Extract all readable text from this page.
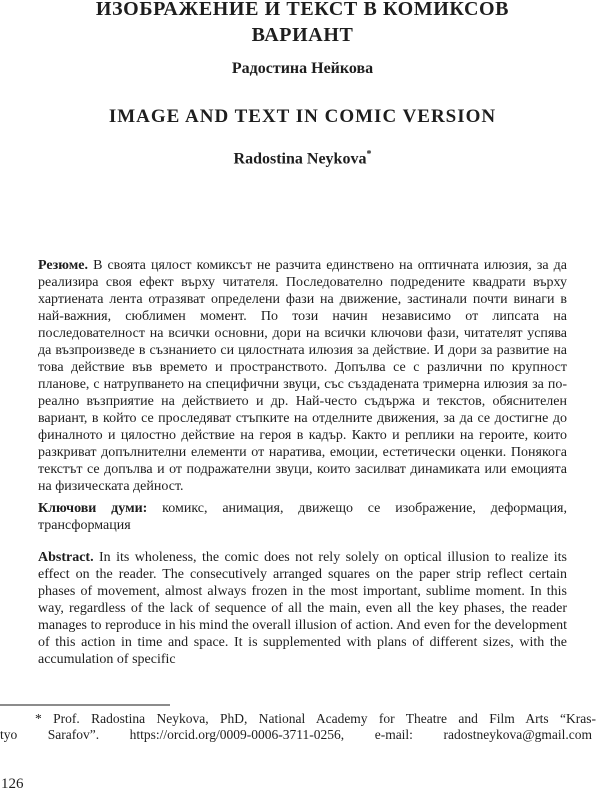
ИЗОБРАЖЕНИЕ И ТЕКСТ В КОМИКСОВ ВАРИАНТ
Радостина Нейкова
IMAGE AND TEXT IN COMIC VERSION
Radostina Neykova*

Резюме. В своята цялост комиксът не разчита единствено на оптичната илюзия, за да реализира своя ефект върху читателя. Последователно подредените квадрати върху хартиената лента отразяват определени фази на движение, застинали почти винаги в най-важния, сюблимен момент. По този начин независимо от липсата на последователност на всички основни, дори на всички ключови фази, читателят успява да възпроизведе в съзнанието си цялостната илюзия за действие. И дори за развитие на това действие във времето и пространството. Допълва се с различни по крупност планове, с натрупването на специфични звуци, със създадената тримерна илюзия за по-реално възприятие на действието и др. Най-често съдържа и текстов, обяснителен вариант, в който се проследяват стъпките на отделните движения, за да се достигне до финалното и цялостно действие на героя в кадър. Както и реплики на героите, които разкриват допълнителни елементи от наратива, емоции, естетически оценки. Понякога текстът се допълва и от подражателни звуци, които засилват динамиката или емоцията на физическата дейност.

Ключови думи: комикс, анимация, движещо се изображение, деформация, трансформация

Abstract. In its wholeness, the comic does not rely solely on optical illusion to realize its effect on the reader. The consecutively arranged squares on the paper strip reflect certain phases of movement, almost always frozen in the most important, sublime moment. In this way, regardless of the lack of sequence of all the main, even all the key phases, the reader manages to reproduce in his mind the overall illusion of action. And even for the development of this action in time and space. It is supplemented with plans of different sizes, with the accumulation of specific

* Prof. Radostina Neykova, PhD, National Academy for Theatre and Film Arts “Kras-
tyo Sarafov”. https://orcid.org/0009-0006-3711-0256, e-mail: radostneykova@gmail.com
126
